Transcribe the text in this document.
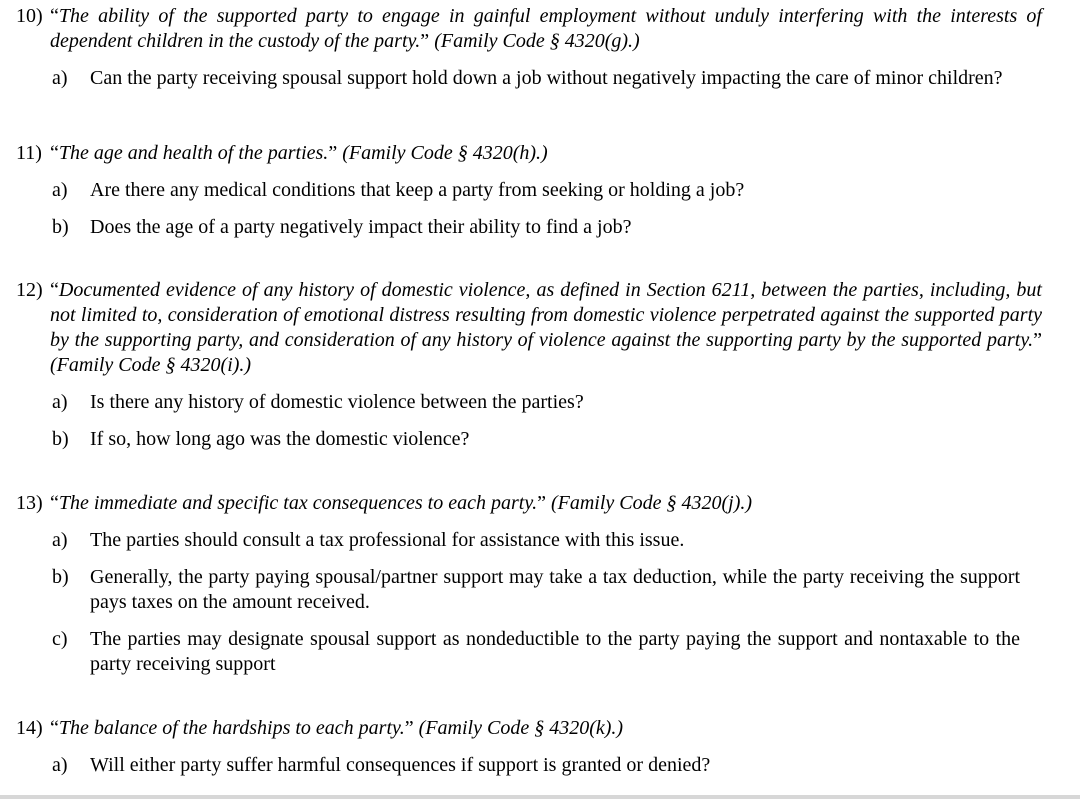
10) “The ability of the supported party to engage in gainful employment without unduly interfering with the interests of dependent children in the custody of the party.” (Family Code § 4320(g).)
a)	Can the party receiving spousal support hold down a job without negatively impacting the care of minor children?
11) “The age and health of the parties.” (Family Code § 4320(h).)
a)	Are there any medical conditions that keep a party from seeking or holding a job?
b)	Does the age of a party negatively impact their ability to find a job?
12) “Documented evidence of any history of domestic violence, as defined in Section 6211, between the parties, including, but not limited to, consideration of emotional distress resulting from domestic violence perpetrated against the supported party by the supporting party, and consideration of any history of violence against the supporting party by the supported party.” (Family Code § 4320(i).)
a)	Is there any history of domestic violence between the parties?
b)	If so, how long ago was the domestic violence?
13) “The immediate and specific tax consequences to each party.” (Family Code § 4320(j).)
a)	The parties should consult a tax professional for assistance with this issue.
b)	Generally, the party paying spousal/partner support may take a tax deduction, while the party receiving the support pays taxes on the amount received.
c)	The parties may designate spousal support as nondeductible to the party paying the support and nontaxable to the party receiving support
14) “The balance of the hardships to each party.” (Family Code § 4320(k).)
a)	Will either party suffer harmful consequences if support is granted or denied?
